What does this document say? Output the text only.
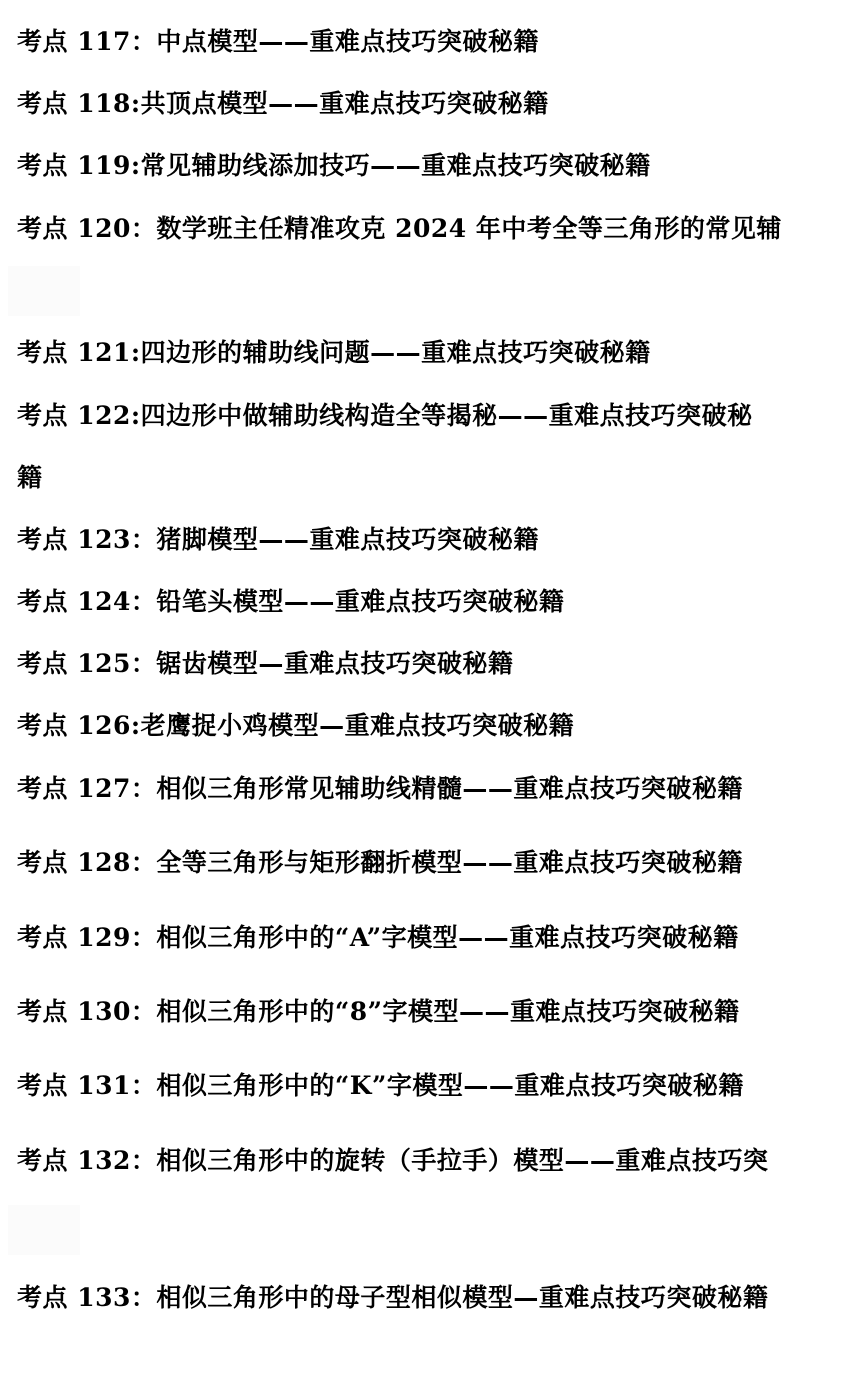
考点 117：中点模型——重难点技巧突破秘籍
考点 118:共顶点模型——重难点技巧突破秘籍
考点 119:常见辅助线添加技巧——重难点技巧突破秘籍
考点 120：数学班主任精准攻克 2024 年中考全等三角形的常见辅
考点 121:四边形的辅助线问题——重难点技巧突破秘籍
考点 122:四边形中做辅助线构造全等揭秘——重难点技巧突破秘
籍
考点 123：猪脚模型——重难点技巧突破秘籍
考点 124：铅笔头模型——重难点技巧突破秘籍
考点 125：锯齿模型—重难点技巧突破秘籍
考点 126:老鹰捉小鸡模型—重难点技巧突破秘籍
考点 127：相似三角形常见辅助线精髓——重难点技巧突破秘籍
考点 128：全等三角形与矩形翻折模型——重难点技巧突破秘籍
考点 129：相似三角形中的“A”字模型——重难点技巧突破秘籍
考点 130：相似三角形中的“8”字模型——重难点技巧突破秘籍
考点 131：相似三角形中的“K”字模型——重难点技巧突破秘籍
考点 132：相似三角形中的旋转（手拉手）模型——重难点技巧突
考点 133：相似三角形中的母子型相似模型—重难点技巧突破秘籍
